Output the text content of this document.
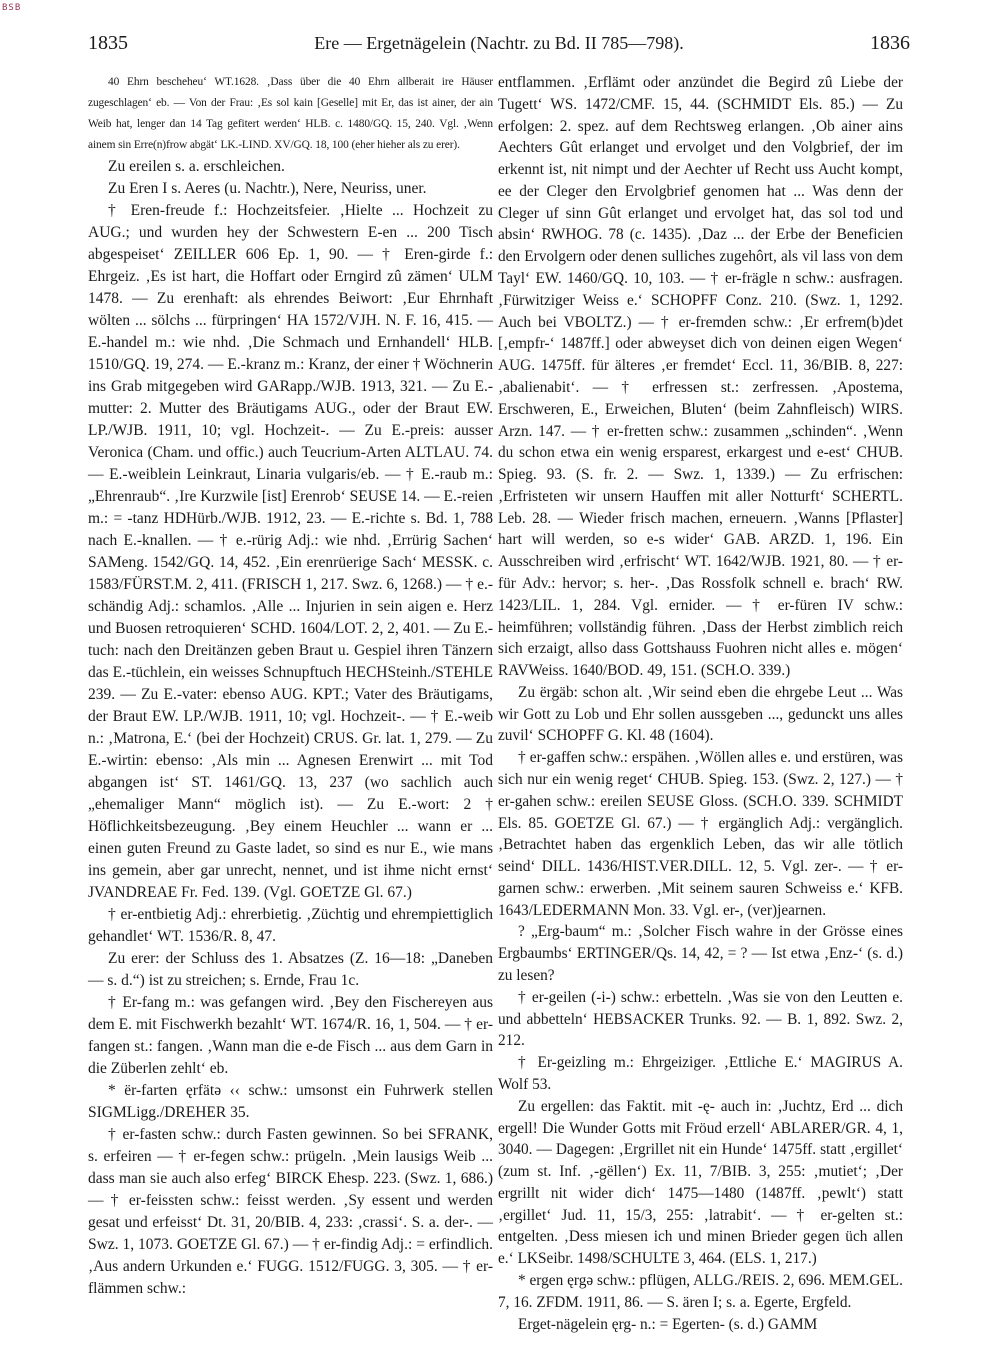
BSB
1835	Ere — Ergetnägelein (Nachtr. zu Bd. II 785—798).	1836

40 Ehrn bescheheu‘ WT.1628. ‚Dass über die 40 Ehrn allberait ire Häuser zugeschlagen‘ eb. — Von der Frau: ‚Es sol kain [Geselle] mit Er, das ist ainer, der ain Weib hat, lenger dan 14 Tag gefitert werden‘ HLB. c. 1480/GQ. 15, 240. Vgl. ‚Wenn ainem sin Erre(n)frow abgät‘ LK.-LIND. XV/GQ. 18, 100 (eher hieher als zu erer).

Zu ereilen s. a. erschleichen.

Zu Eren I s. Aeres (u. Nachtr.), Nere, Neuriss, uner.

† Eren-freude f.: Hochzeitsfeier. ‚Hielte ... Hochzeit zu AUG.; und wurden hey der Schwestern E-en ... 200 Tisch abgespeiset‘ ZEILLER 606 Ep. 1, 90. — † Eren-girde f.: Ehrgeiz. ‚Es ist hart, die Hoffart oder Erngird zû zämen‘ ULM 1478. — Zu erenhaft: als ehrendes Beiwort: ‚Eur Ehrnhaft wölten ... sölchs ... fürpringen‘ HA 1572/VJH. N. F. 16, 415. — E.-handel m.: wie nhd. ‚Die Schmach und Ernhandell‘ HLB. 1510/GQ. 19, 274. — E.-kranz m.: Kranz, der einer † Wöchnerin ins Grab mitgegeben wird GARapp./WJB. 1913, 321. — Zu E.-mutter: 2. Mutter des Bräutigams AUG., oder der Braut EW. LP./WJB. 1911, 10; vgl. Hochzeit-. — Zu E.-preis: ausser Veronica (Cham. und offic.) auch Teucrium-Arten ALTLAU. 74. — E.-weiblein Leinkraut, Linaria vulgaris/eb. — † E.-raub m.: „Ehrenraub“. ‚Ire Kurzwile [ist] Erenrob‘ SEUSE 14. — E.-reien m.: = -tanz HDHürb./WJB. 1912, 23. — E.-richte s. Bd. 1, 788 nach E.-knallen. — † e.-rürig Adj.: wie nhd. ‚Errürig Sachen‘ SAMeng. 1542/GQ. 14, 452. ‚Ein erenrüerige Sach‘ MESSK. c. 1583/FÜRST.M. 2, 411. (FRISCH 1, 217. Swz. 6, 1268.) — † e.-schändig Adj.: schamlos. ‚Alle ... Injurien in sein aigen e. Herz und Buosen retroquieren‘ SCHD. 1604/LOT. 2, 2, 401. — Zu E.-tuch: nach den Dreitänzen geben Braut u. Gespiel ihren Tänzern das E.-tüchlein, ein weisses Schnupftuch HECHSteinh./STEHLE 239. — Zu E.-vater: ebenso AUG. KPT.; Vater des Bräutigams, der Braut EW. LP./WJB. 1911, 10; vgl. Hochzeit-. — † E.-weib n.: ‚Matrona, E.‘ (bei der Hochzeit) CRUS. Gr. lat. 1, 279. — Zu E.-wirtin: ebenso: ‚Als min ... Agnesen Erenwirt ... mit Tod abgangen ist‘ ST. 1461/GQ. 13, 237 (wo sachlich auch „ehemaliger Mann“ möglich ist). — Zu E.-wort: 2 † Höflichkeitsbezeugung. ‚Bey einem Heuchler ... wann er ... einen guten Freund zu Gaste ladet, so sind es nur E., wie mans ins gemein, aber gar unrecht, nennet, und ist ihme nicht ernst‘ JVANDREAE Fr. Fed. 139. (Vgl. GOETZE Gl. 67.)

† er-entbietig Adj.: ehrerbietig. ‚Züchtig und ehrempiettiglich gehandlet‘ WT. 1536/R. 8, 47.

Zu erer: der Schluss des 1. Absatzes (Z. 16—18: „Daneben — s. d.“) ist zu streichen; s. Ernde, Frau 1c.

† Er-fang m.: was gefangen wird. ‚Bey den Fischereyen aus dem E. mit Fischwerkh bezahlt‘ WT. 1674/R. 16, 1, 504. — † er-fangen st.: fangen. ‚Wann man die e-de Fisch ... aus dem Garn in die Züberlen zehlt‘ eb.

* ër-farten ęrfätə ‹‹ schw.: umsonst ein Fuhrwerk stellen SIGMLigg./DREHER 35.

† er-fasten schw.: durch Fasten gewinnen. So bei SFRANK, s. erfeiren — † er-fegen schw.: prügeln. ‚Mein lausigs Weib ... dass man sie auch also erfeg‘ BIRCK Ehesp. 223. (Swz. 1, 686.) — † er-feissten schw.: feisst werden. ‚Sy essent und werden gesat und erfeisst‘ Dt. 31, 20/BIB. 4, 233: ‚crassi‘. S. a. der-. — Swz. 1, 1073. GOETZE Gl. 67.) — † er-findig Adj.: = erfindlich. ‚Aus andern Urkunden e.‘ FUGG. 1512/FUGG. 3, 305. — † er-flämmen schw.:

entflammen. ‚Erflämt oder anzündet die Begird zû Liebe der Tugett‘ WS. 1472/CMF. 15, 44. (SCHMIDT Els. 85.) — Zu erfolgen: 2. spez. auf dem Rechtsweg erlangen. ‚Ob ainer ains Aechters Gût erlanget und ervolget und den Volgbrief, der im erkennt ist, nit nimpt und der Aechter uf Recht uss Aucht kompt, ee der Cleger den Ervolgbrief genomen hat ... Was denn der Cleger uf sinn Gût erlanget und ervolget hat, das sol tod und absin‘ RWHOG. 78 (c. 1435). ‚Daz ... der Erbe der Beneficien den Ervolgern oder denen sulliches zugehôrt, als vil lass von dem Tayl‘ EW. 1460/GQ. 10, 103. — † er-frägle n schw.: ausfragen. ‚Fürwitziger Weiss e.‘ SCHOPFF Conz. 210. (Swz. 1, 1292. Auch bei VBOLTZ.) — † er-fremden schw.: ‚Er erfrem(b)det [‚empfr-‘ 1487ff.] oder abweyset dich von deinen eigen Wegen‘ AUG. 1475ff. für älteres ‚er fremdet‘ Eccl. 11, 36/BIB. 8, 227: ‚abalienabit‘. — † erfressen st.: zerfressen. ‚Apostema, Erschweren, E., Erweichen, Bluten‘ (beim Zahnfleisch) WIRS. Arzn. 147. — † er-fretten schw.: zusammen „schinden“. ‚Wenn du schon etwa ein wenig ersparest, erkargest und e-est‘ CHUB. Spieg. 93. (S. fr. 2. — Swz. 1, 1339.) — Zu erfrischen: ‚Erfristeten wir unsern Hauffen mit aller Notturft‘ SCHERTL. Leb. 28. — Wieder frisch machen, erneuern. ‚Wanns [Pflaster] hart will werden, so e-s wider‘ GAB. ARZD. 1, 196. Ein Ausschreiben wird ‚erfrischt‘ WT. 1642/WJB. 1921, 80. — † er-für Adv.: hervor; s. her-. ‚Das Rossfolk schnell e. brach‘ RW. 1423/LIL. 1, 284. Vgl. ernider. — † er-füren IV schw.: heimführen; vollständig führen. ‚Dass der Herbst zimblich reich sich erzaigt, allso dass Gottshauss Fuohren nicht alles e. mögen‘ RAVWeiss. 1640/BOD. 49, 151. (SCH.O. 339.)

Zu ërgäb: schon alt. ‚Wir seind eben die ehrgebe Leut ... Was wir Gott zu Lob und Ehr sollen aussgeben ..., gedunckt uns alles zuvil‘ SCHOPFF G. Kl. 48 (1604).

† er-gaffen schw.: erspähen. ‚Wöllen alles e. und erstüren, was sich nur ein wenig reget‘ CHUB. Spieg. 153. (Swz. 2, 127.) — † er-gahen schw.: ereilen SEUSE Gloss. (SCH.O. 339. SCHMIDT Els. 85. GOETZE Gl. 67.) — † ergänglich Adj.: vergänglich. ‚Betrachtet haben das ergenklich Leben, das wir alle tötlich seind‘ DILL. 1436/HIST.VER.DILL. 12, 5. Vgl. zer-. — † er-garnen schw.: erwerben. ‚Mit seinem sauren Schweiss e.‘ KFB. 1643/LEDERMANN Mon. 33. Vgl. er-, (ver)jearnen.

? „Erg-baum“ m.: ‚Solcher Fisch wahre in der Grösse eines Ergbaumbs‘ ERTINGER/Qs. 14, 42, = ? — Ist etwa ‚Enz-‘ (s. d.) zu lesen?

† er-geilen (-i-) schw.: erbetteln. ‚Was sie von den Leutten e. und abbetteln‘ HEBSACKER Trunks. 92. — B. 1, 892. Swz. 2, 212.

† Er-geizling m.: Ehrgeiziger. ‚Ettliche E.‘ MAGIRUS A. Wolf 53.

Zu ergellen: das Faktit. mit -ę- auch in: ‚Juchtz, Erd ... dich ergell! Die Wunder Gotts mit Fröud erzell‘ ABLARER/GR. 4, 1, 3040. — Dagegen: ‚Ergrillet nit ein Hunde‘ 1475ff. statt ‚ergillet‘ (zum st. Inf. ‚-gëllen‘) Ex. 11, 7/BIB. 3, 255: ‚mutiet‘; ‚Der ergrillt nit wider dich‘ 1475—1480 (1487ff. ‚pewlt‘) statt ‚ergillet‘ Jud. 11, 15/3, 255: ‚latrabit‘. — † er-gelten st.: entgelten. ‚Dess miesen ich und minen Brieder gegen üch allen e.‘ LKSeibr. 1498/SCHULTE 3, 464. (ELS. 1, 217.)

* ergen ęrgə schw.: pflügen, ALLG./REIS. 2, 696. MEM.GEL. 7, 16. ZFDM. 1911, 86. — S. ären I; s. a. Egerte, Ergfeld.

Erget-nägelein ęrg- n.: = Egerten- (s. d.) GAMM
